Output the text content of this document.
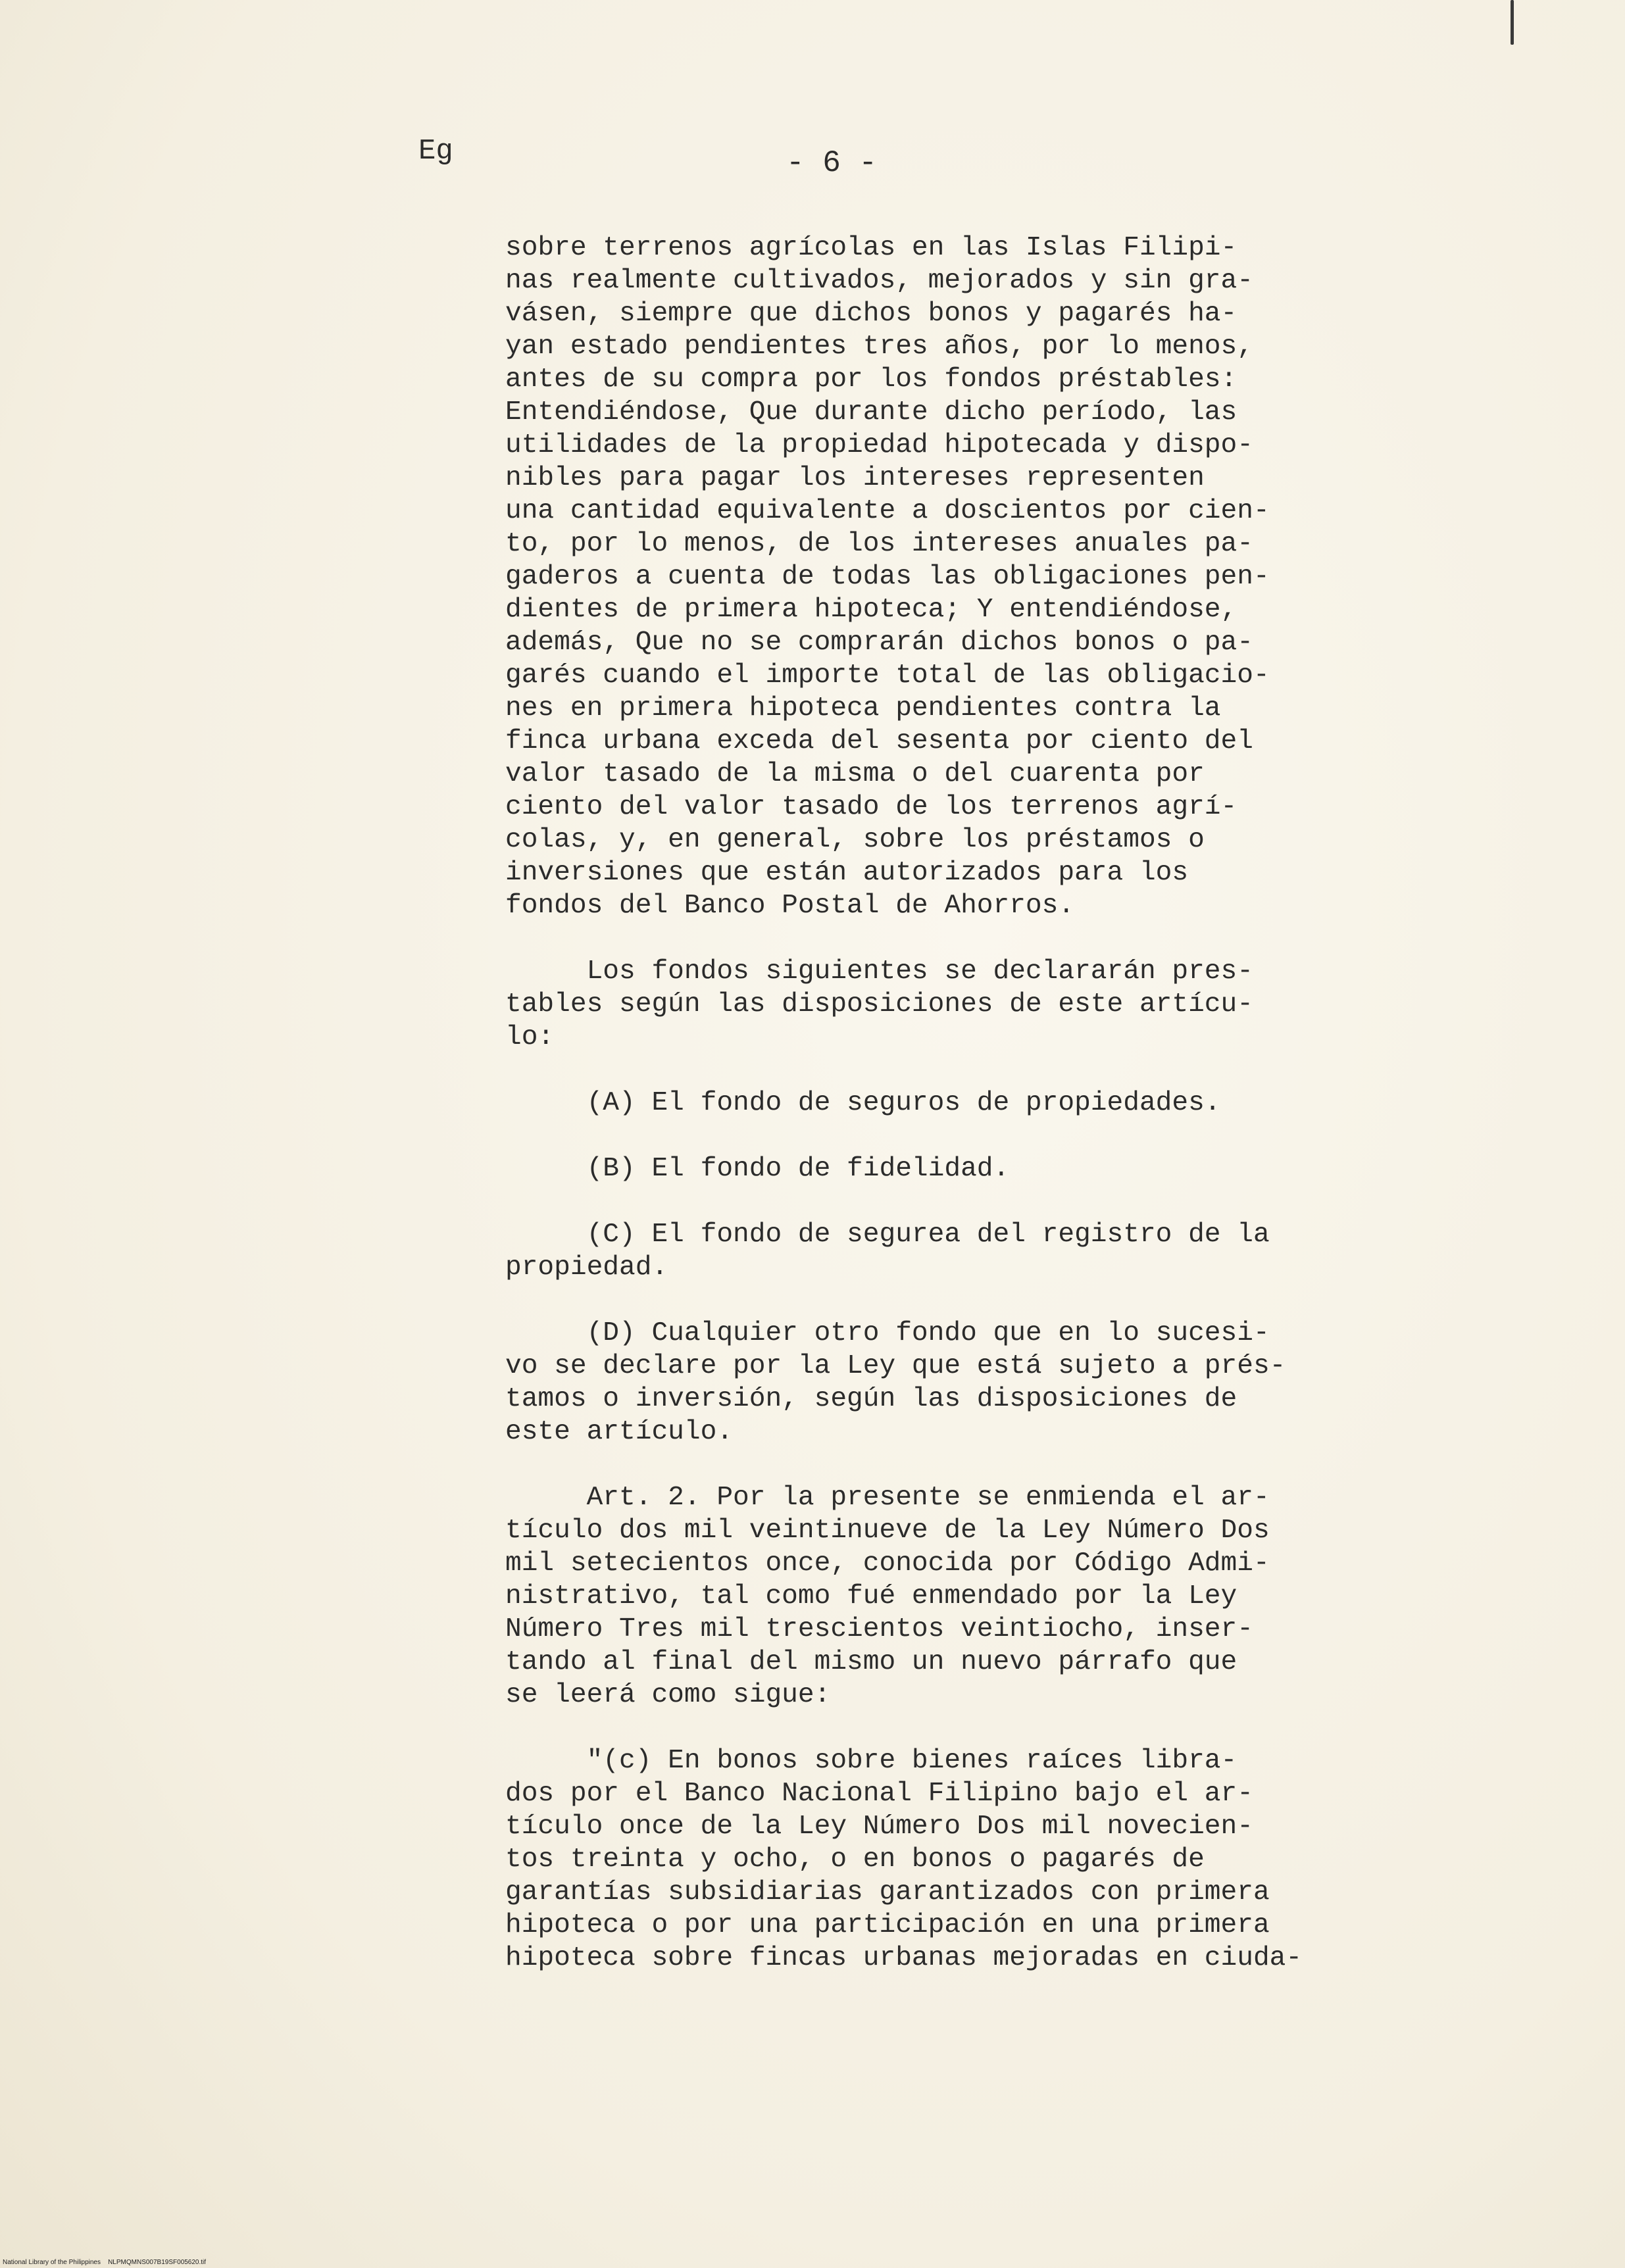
Eg	- 6 -
sobre terrenos agrícolas en las Islas Filipi-
nas realmente cultivados, mejorados y sin gra-
vásen, siempre que dichos bonos y pagarés ha-
yan estado pendientes tres años, por lo menos,
antes de su compra por los fondos préstables:
Entendiéndose, Que durante dicho período, las
utilidades de la propiedad hipotecada y dispo-
nibles para pagar los intereses representen
una cantidad equivalente a doscientos por cien-
to, por lo menos, de los intereses anuales pa-
gaderos a cuenta de todas las obligaciones pen-
dientes de primera hipoteca; Y entendiéndose,
además, Que no se comprarán dichos bonos o pa-
garés cuando el importe total de las obligacio-
nes en primera hipoteca pendientes contra la
finca urbana exceda del sesenta por ciento del
valor tasado de la misma o del cuarenta por
ciento del valor tasado de los terrenos agrí-
colas, y, en general, sobre los préstamos o
inversiones que están autorizados para los
fondos del Banco Postal de Ahorros.
Los fondos siguientes se declararán pres-
tables según las disposiciones de este artícu-
lo:
(A) El fondo de seguros de propiedades.
(B) El fondo de fidelidad.
(C) El fondo de segurea del registro de la
propiedad.
(D) Cualquier otro fondo que en lo sucesi-
vo se declare por la Ley que está sujeto a prés-
tamos o inversión, según las disposiciones de
este artículo.
Art. 2. Por la presente se enmienda el ar-
tículo dos mil veintinueve de la Ley Número Dos
mil setecientos once, conocida por Código Admi-
nistrativo, tal como fué enmendado por la Ley
Número Tres mil trescientos veintiocho, inser-
tando al final del mismo un nuevo párrafo que
se leerá como sigue:
"(c) En bonos sobre bienes raíces libra-
dos por el Banco Nacional Filipino bajo el ar-
tículo once de la Ley Número Dos mil novecien-
tos treinta y ocho, o en bonos o pagarés de
garantías subsidiarias garantizados con primera
hipoteca o por una participación en una primera
hipoteca sobre fincas urbanas mejoradas en ciuda-
National Library of the Philippines    NLPMQMNS007B19SF005620.tif
